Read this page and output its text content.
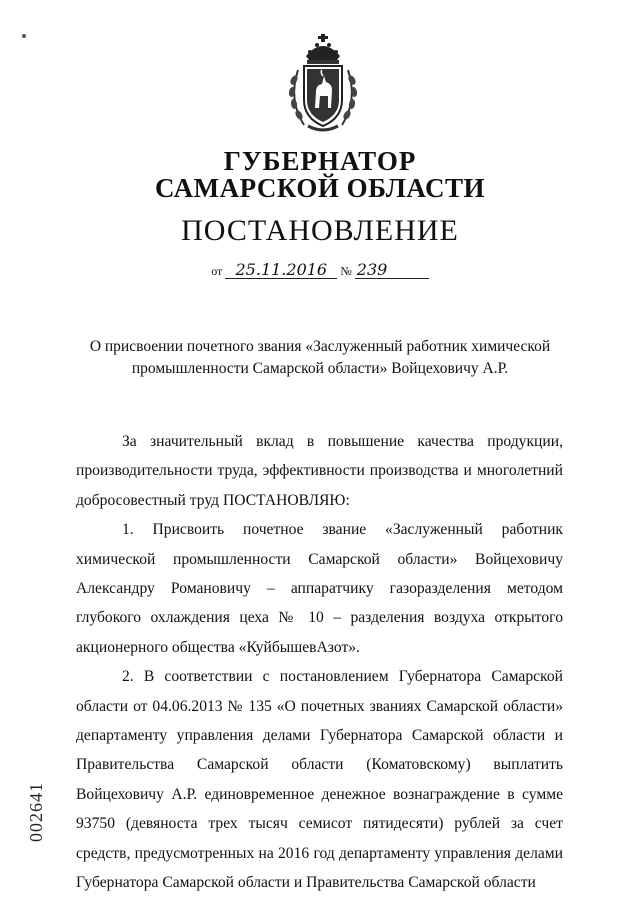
ГУБЕРНАТОР
САМАРСКОЙ ОБЛАСТИ
ПОСТАНОВЛЕНИЕ
от 25.11.2016 № 239
О присвоении почетного звания «Заслуженный работник химической промышленности Самарской области» Войцеховичу А.Р.

За значительный вклад в повышение качества продукции, производительности труда, эффективности производства и многолетний добросовестный труд ПОСТАНОВЛЯЮ:

1. Присвоить почетное звание «Заслуженный работник химической промышленности Самарской области» Войцеховичу Александру Романовичу – аппаратчику газоразделения методом глубокого охлаждения цеха № 10 – разделения воздуха открытого акционерного общества «КуйбышевАзот».

2. В соответствии с постановлением Губернатора Самарской области от 04.06.2013 № 135 «О почетных званиях Самарской области» департаменту управления делами Губернатора Самарской области и Правительства Самарской области (Коматовскому) выплатить Войцеховичу А.Р. единовременное денежное вознаграждение в сумме 93750 (девяноста трех тысяч семисот пятидесяти) рублей за счет средств, предусмотренных на 2016 год департаменту управления делами Губернатора Самарской области и Правительства Самарской области

002641
